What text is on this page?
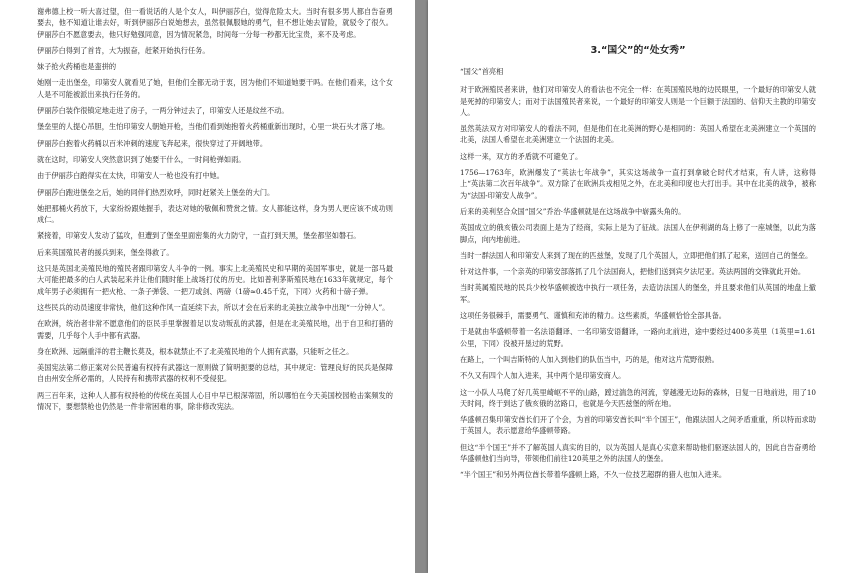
谢弗德上校一听大喜过望，但一看说话的人是个女人，叫伊丽莎白，觉得危险太大。当时有很多男人都自告奋勇要去，他不知道让谁去好，听到伊丽莎白说她想去，虽然很佩服她的勇气，但不想让她去冒险，就驳令了很久。伊丽莎白不愿意要去，他只好勉强同意，因为情况紧急，时间每一分每一秒都无比宝贵，来不及考虑。

伊丽莎白得到了首肯，大为振奋，赶紧开始执行任务。

妹子抢火药桶也是蛮拼的

她刚一走出堡垒，印第安人就看见了她，但他们全都无动于衷，因为他们不知道她要干吗。在他们看来，这个女人是不可能被派出来执行任务的。

伊丽莎白装作很镇定地走进了房子，一两分钟过去了，印第安人还是纹丝不动。

堡垒里的人提心吊胆，生怕印第安人朝她开枪，当他们看到她抱着火药桶重新出现时，心里一块石头才落了地。

伊丽莎白抱着火药桶以百米冲刺的速度飞奔起来，很快穿过了开阔地带。

就在这时，印第安人突然意识到了她要干什么，一时间枪弹如雨。

由于伊丽莎白跑得实在太快，印第安人一枪也没有打中她。

伊丽莎白跑进堡垒之后，她的同伴们热烈欢呼，同时赶紧关上堡垒的大门。

她把那桶火药放下，大家纷纷跟她握手，表达对她的敬佩和赞赏之情。女人都能这样，身为男人更应该不成功则成仁。

紧接着，印第安人发动了猛攻，但遭到了堡垒里面密集的火力防守，一直打到天黑，堡垒都坚如磐石。

后来英国殖民者的援兵到来，堡垒得救了。

这只是英国北美殖民地的殖民者跟印第安人斗争的一例。事实上北美殖民史和早期的美国军事史，就是一部马最大可能把最多的白人武装起来并让他们随时能上战场打仗的历史。比如普利茅斯殖民地在1633年就规定，每个成年男子必须拥有一把火枪、一条子弹袋、一把刀或剑、两磅（1磅≈0.45千克，下同）火药和十磅子弹。

这些民兵的动员速度非常快，他们这种作风一直延续下去，所以才会在后来的北美独立战争中出现“一分钟人”。

在欧洲，统治者非常不愿意他们的臣民手里掌握着足以发动叛乱的武器，但是在北美殖民地，出于自卫和打猎的需要，几乎每个人手中都有武器。

身在欧洲、远隔重洋的君主鞭长莫及，根本就禁止不了北美殖民地的个人拥有武器，只能听之任之。

美国宪法第二修正案对公民普遍有权持有武器这一原则做了简明扼要的总结，其中规定：管理良好的民兵是保障自由州安全所必需的，人民持有和携带武器的权利不受侵犯。

两三百年来，这种人人都有权持枪的传统在美国人心目中早已根深蒂固，所以哪怕在今天美国校园枪击案频发的情况下，要想禁枪也仍然是一件非常困难的事，除非修改宪法。

3.“国父”的“处女秀”

“国父”首亮相

对于欧洲殖民者来讲，他们对印第安人的看法也不完全一样：在英国殖民地的边民眼里，一个最好的印第安人就是死掉的印第安人；而对于法国殖民者来说，一个最好的印第安人则是一个巨额于法国的、信仰天主教的印第安人。

虽然英法双方对印第安人的看法不同，但是他们在北美洲的野心是相同的：英国人希望在北美洲建立一个英国的北美，法国人希望在北美洲建立一个法国的北美。

这样一来，双方的矛盾就不可避免了。

1756—1763年，欧洲爆发了“英法七年战争”，其实这场战争一直打到拿破仑时代才结束，有人讲，这称得上“英法第二次百年战争”。双方除了在欧洲兵戎相见之外，在北美和印度也大打出手。其中在北美的战争，被称为“法国-印第安人战争”。

后来的美利坚合众国“国父”乔治·华盛顿就是在这场战争中崭露头角的。

英国成立的俄亥俄公司表面上是为了经商，实际上是为了征战。法国人在伊利湖的岛上修了一座城堡，以此为落脚点，向内地前进。

当时一群法国人和印第安人来到了现在的匹兹堡，发现了几个英国人，立即把他们抓了起来，送回自己的堡垒。

针对这件事，一个亲英的印第安部落抓了几个法国商人，把他们送到宾夕法尼亚。英法两国的交锋就此开始。

当时英属殖民地的民兵少校华盛顿被选中执行一项任务，去造访法国人的堡垒，并且要求他们从英国的地盘上撤军。

这项任务很棘手，需要勇气、谨慎和充沛的精力。这些素质，华盛顿恰恰全部具备。

于是就由华盛顿带着一名法语翻译、一名印第安语翻译，一路向北前进，途中要经过400多英里（1英里=1.61公里，下同）没被开垦过的荒野。

在路上，一个叫吉斯特的人加入到他们的队伍当中，巧的是，他对这片荒野很熟。

不久又有四个人加入进来，其中两个是印第安商人。

这一小队人马爬了好几英里崎岖不平的山路，蹚过湍急的河流，穿越漫无边际的森林，日复一日地前进，用了10天时间，终于到达了俄亥俄的岔路口，也就是今天匹兹堡的所在地。

华盛顿召集印第安酋长们开了个会，为首的印第安酋长叫“半个国王”，他跟法国人之间矛盾重重，所以特而求助于英国人，表示愿意给华盛顿带路。

但这“半个国王”并不了解英国人真实的目的，以为英国人是真心实意来帮助他们驱逐法国人的，因此自告奋勇给华盛顿他们当向导，带领他们前往120英里之外的法国人的堡垒。

“半个国王”和另外两位酋长带着华盛顿上路，不久一位技艺超群的猎人也加入进来。
